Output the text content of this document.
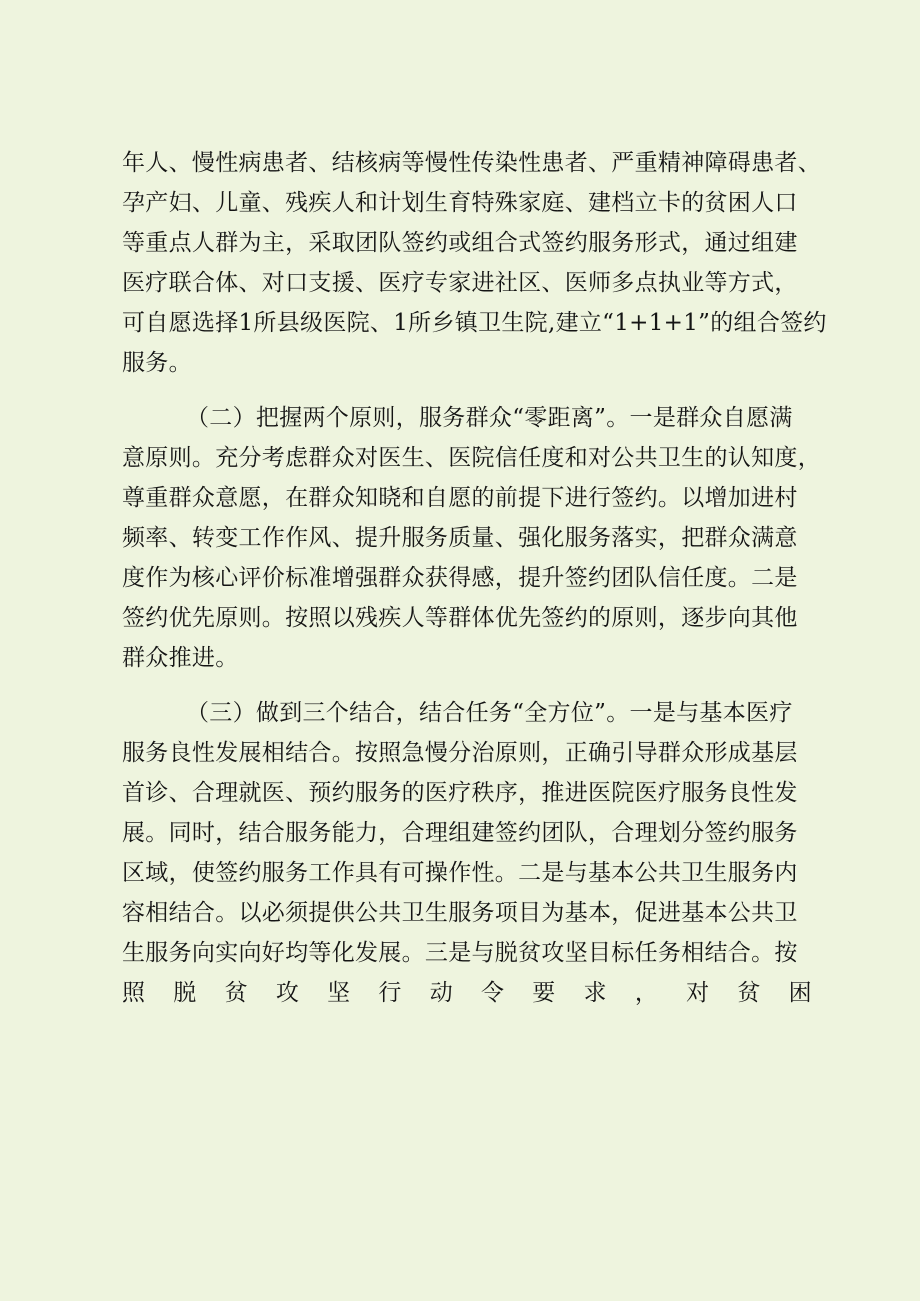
年人、慢性病患者、结核病等慢性传染性患者、严重精神障碍患者、
孕产妇、儿童、残疾人和计划生育特殊家庭、建档立卡的贫困人口
等重点人群为主，采取团队签约或组合式签约服务形式，通过组建
医疗联合体、对口支援、医疗专家进社区、医师多点执业等方式，
可自愿选择1所县级医院、1所乡镇卫生院,建立“1+1+1”的组合签约
服务。
（二）把握两个原则，服务群众“零距离”。一是群众自愿满
意原则。充分考虑群众对医生、医院信任度和对公共卫生的认知度，
尊重群众意愿，在群众知晓和自愿的前提下进行签约。以增加进村
频率、转变工作作风、提升服务质量、强化服务落实，把群众满意
度作为核心评价标准增强群众获得感，提升签约团队信任度。二是
签约优先原则。按照以残疾人等群体优先签约的原则，逐步向其他
群众推进。
（三）做到三个结合，结合任务“全方位”。一是与基本医疗
服务良性发展相结合。按照急慢分治原则，正确引导群众形成基层
首诊、合理就医、预约服务的医疗秩序，推进医院医疗服务良性发
展。同时，结合服务能力，合理组建签约团队，合理划分签约服务
区域，使签约服务工作具有可操作性。二是与基本公共卫生服务内
容相结合。以必须提供公共卫生服务项目为基本，促进基本公共卫
生服务向实向好均等化发展。三是与脱贫攻坚目标任务相结合。按
照 脱 贫 攻 坚 行 动 令 要 求 ， 对 贫 困
